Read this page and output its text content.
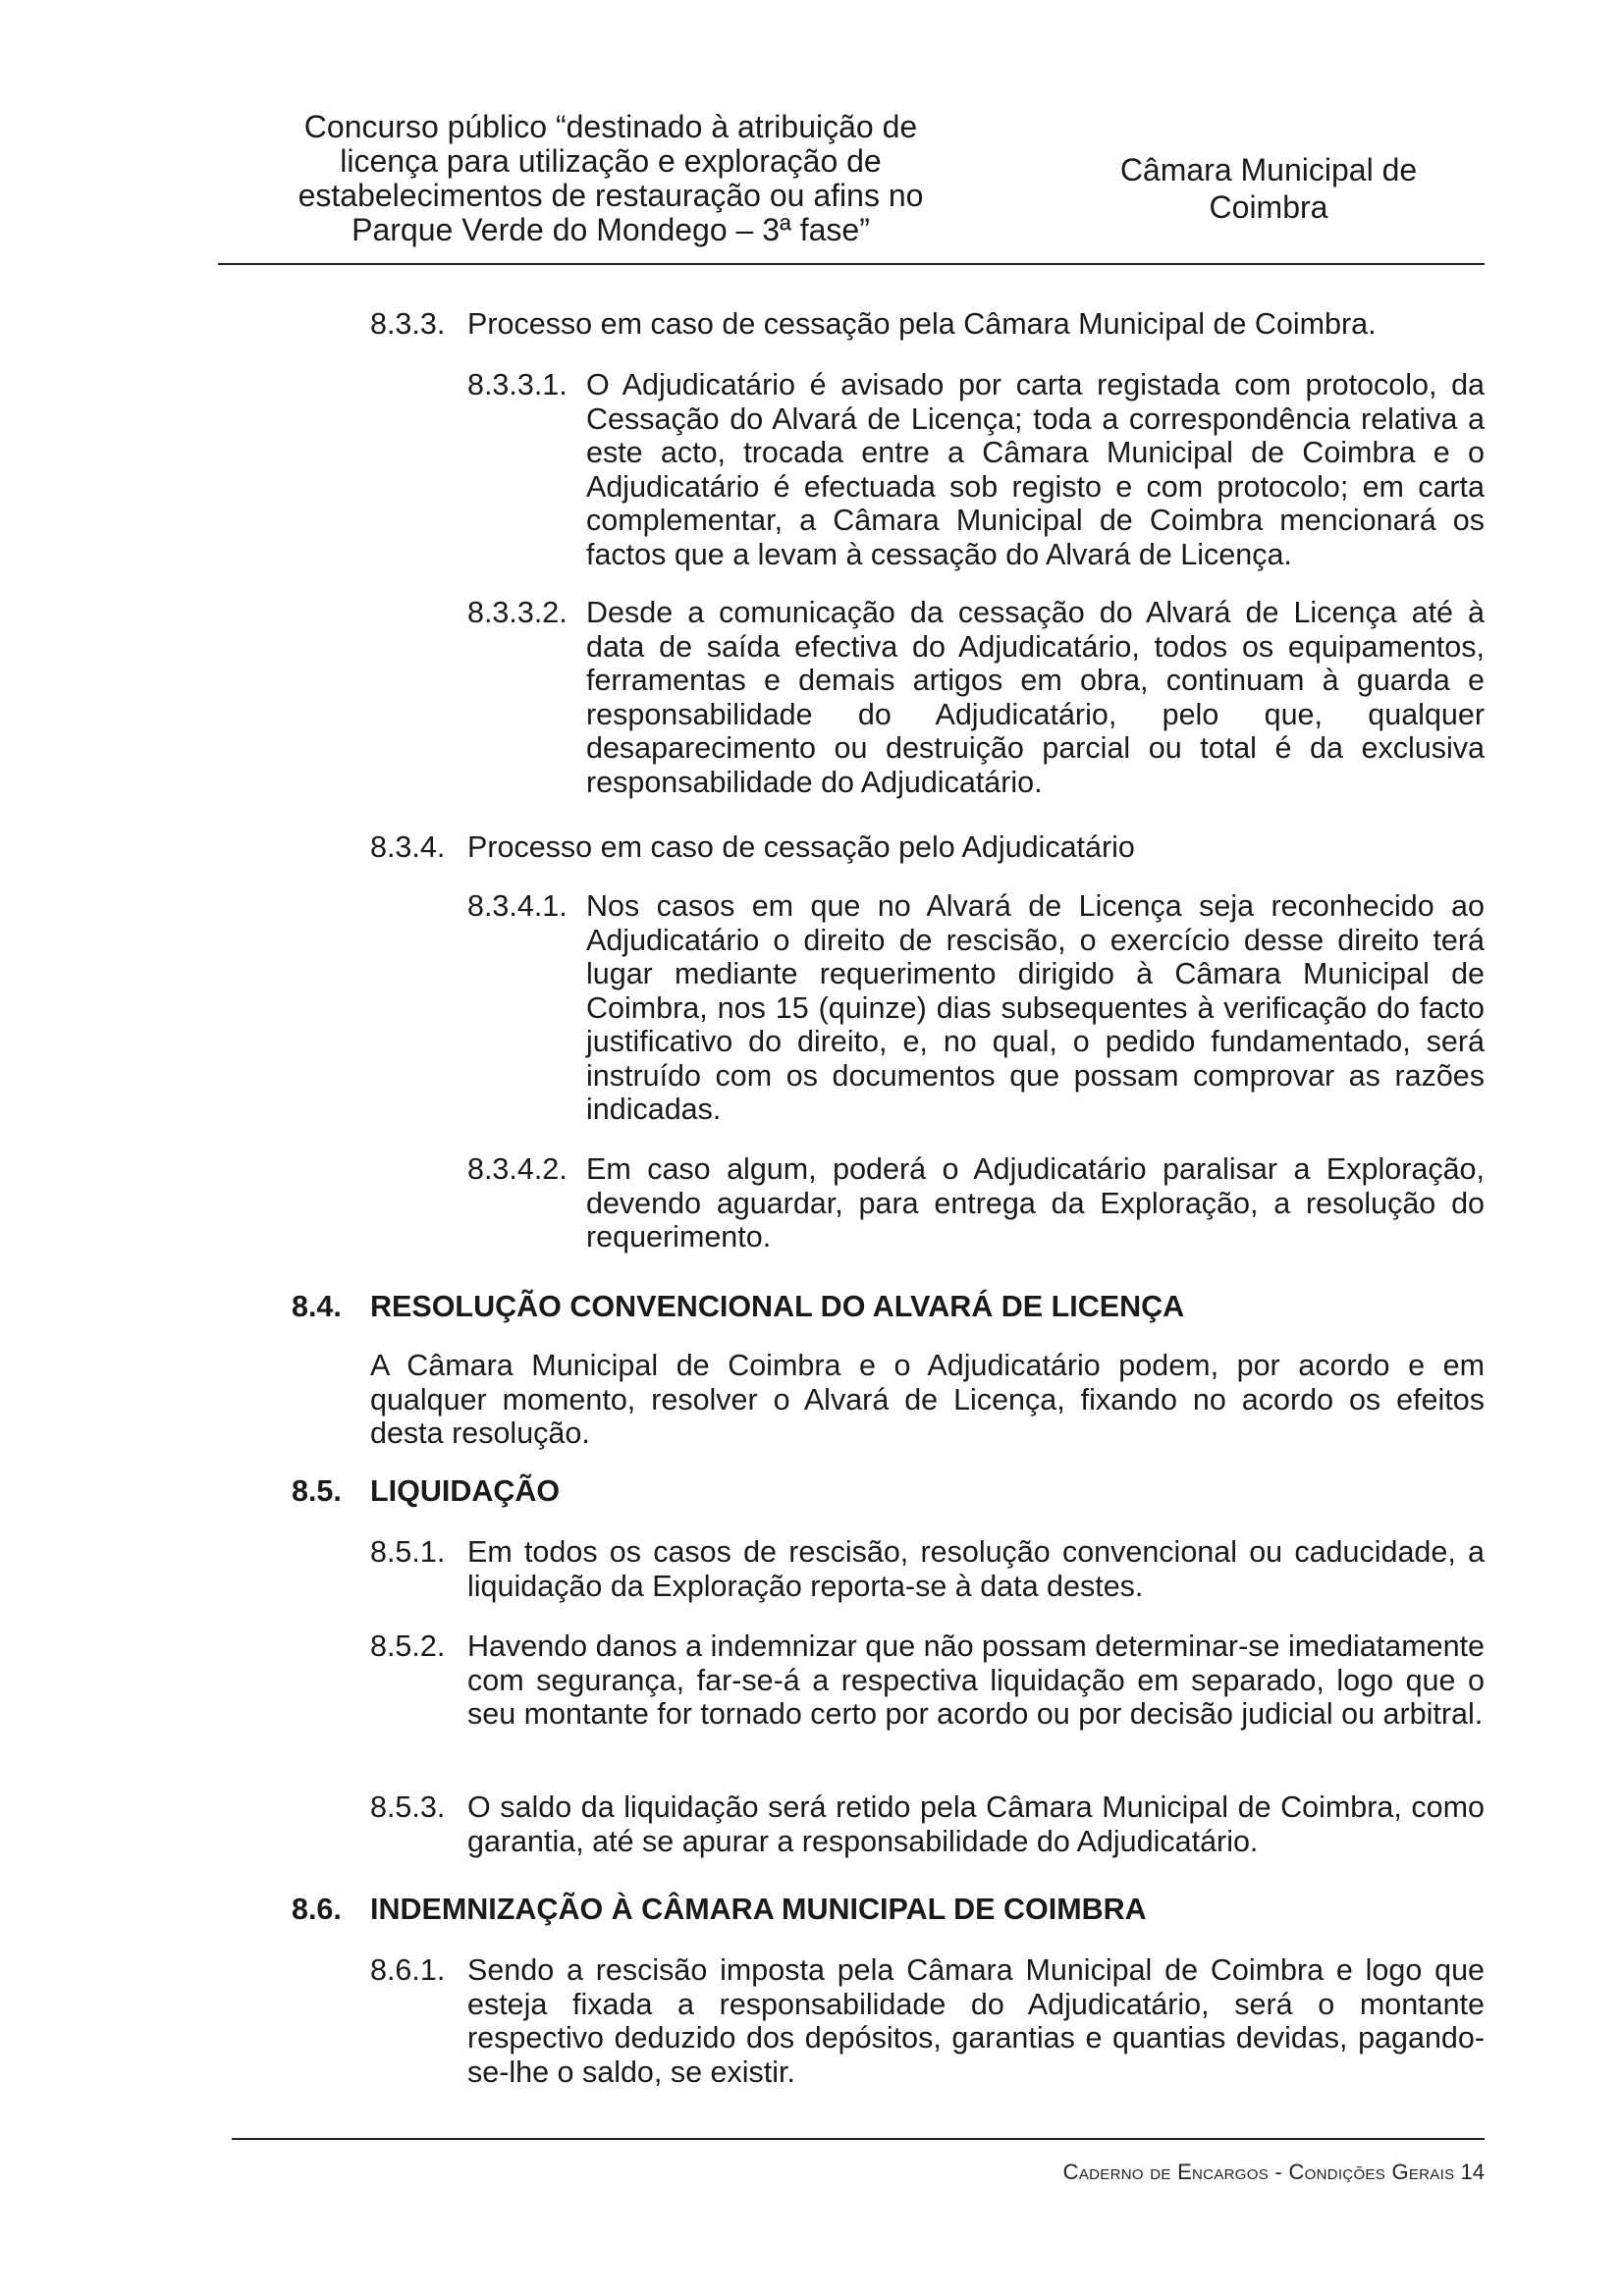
Concurso público “destinado à atribuição de
licença para utilização e exploração de
estabelecimentos de restauração ou afins no
Parque Verde do Mondego – 3ª fase”
Câmara Municipal de
Coimbra
8.3.3. Processo em caso de cessação pela Câmara Municipal de Coimbra.

8.3.3.1. O Adjudicatário é avisado por carta registada com protocolo, da Cessação do Alvará de Licença; toda a correspondência relativa a este acto, trocada entre a Câmara Municipal de Coimbra e o Adjudicatário é efectuada sob registo e com protocolo; em carta complementar, a Câmara Municipal de Coimbra mencionará os factos que a levam à cessação do Alvará de Licença.

8.3.3.2. Desde a comunicação da cessação do Alvará de Licença até à data de saída efectiva do Adjudicatário, todos os equipamentos, ferramentas e demais artigos em obra, continuam à guarda e responsabilidade do Adjudicatário, pelo que, qualquer desaparecimento ou destruição parcial ou total é da exclusiva responsabilidade do Adjudicatário.

8.3.4. Processo em caso de cessação pelo Adjudicatário

8.3.4.1. Nos casos em que no Alvará de Licença seja reconhecido ao Adjudicatário o direito de rescisão, o exercício desse direito terá lugar mediante requerimento dirigido à Câmara Municipal de Coimbra, nos 15 (quinze) dias subsequentes à verificação do facto justificativo do direito, e, no qual, o pedido fundamentado, será instruído com os documentos que possam comprovar as razões indicadas.

8.3.4.2. Em caso algum, poderá o Adjudicatário paralisar a Exploração, devendo aguardar, para entrega da Exploração, a resolução do requerimento.

8.4. RESOLUÇÃO CONVENCIONAL DO ALVARÁ DE LICENÇA

A Câmara Municipal de Coimbra e o Adjudicatário podem, por acordo e em qualquer momento, resolver o Alvará de Licença, fixando no acordo os efeitos desta resolução.

8.5. LIQUIDAÇÃO
8.5.1. Em todos os casos de rescisão, resolução convencional ou caducidade, a liquidação da Exploração reporta-se à data destes.

8.5.2. Havendo danos a indemnizar que não possam determinar-se imediatamente com segurança, far-se-á a respectiva liquidação em separado, logo que o seu montante for tornado certo por acordo ou por decisão judicial ou arbitral.

8.5.3. O saldo da liquidação será retido pela Câmara Municipal de Coimbra, como garantia, até se apurar a responsabilidade do Adjudicatário.

8.6. INDEMNIZAÇÃO À CÂMARA MUNICIPAL DE COIMBRA
8.6.1. Sendo a rescisão imposta pela Câmara Municipal de Coimbra e logo que esteja fixada a responsabilidade do Adjudicatário, será o montante respectivo deduzido dos depósitos, garantias e quantias devidas, pagando-se-lhe o saldo, se existir.

Caderno de Encargos - Condições Gerais 14
